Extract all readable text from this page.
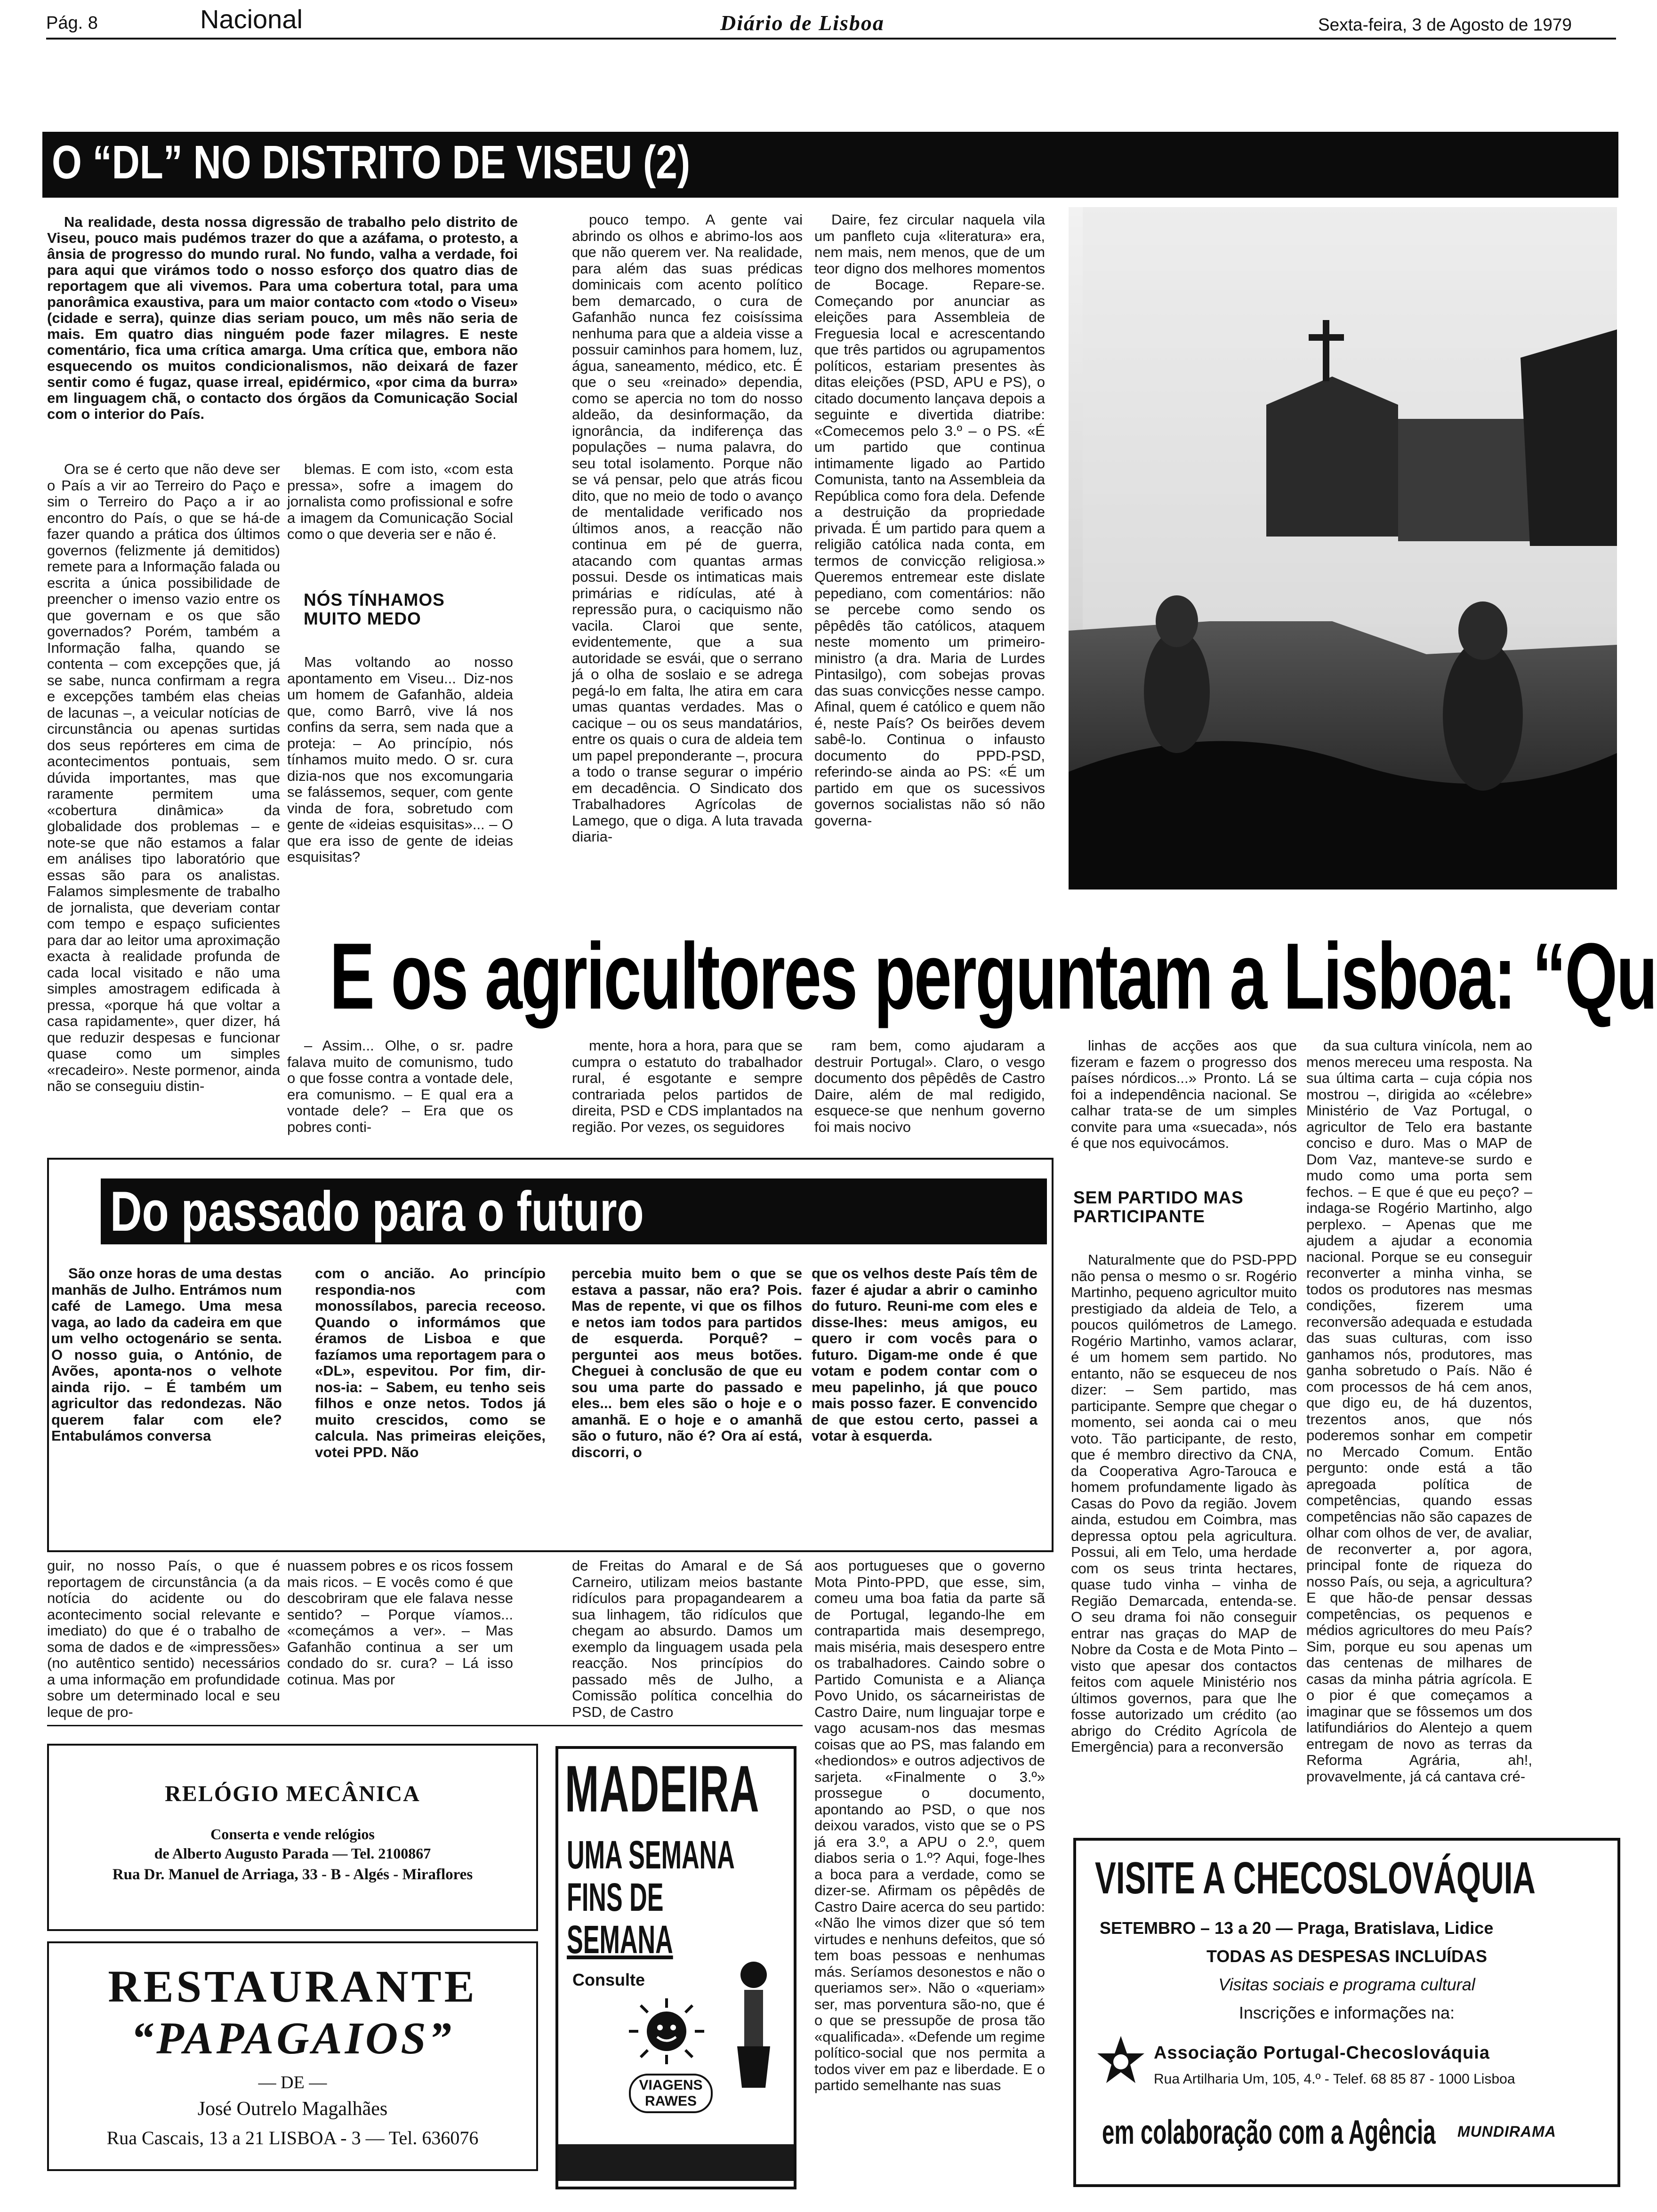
Pág. 8	Nacional	Diário de Lisboa	Sexta-feira, 3 de Agosto de 1979
O “DL” NO DISTRITO DE VISEU (2)

Na realidade, desta nossa digressão de trabalho pelo distrito de Viseu, pouco mais pudémos trazer do que a azáfama, o protesto, a ânsia de progresso do mundo rural. No fundo, valha a verdade, foi para aqui que virámos todo o nosso esforço dos quatro dias de reportagem que ali vivemos. Para uma cobertura total, para uma panorâmica exaustiva, para um maior contacto com «todo o Viseu» (cidade e serra), quinze dias seriam pouco, um mês não seria de mais. Em quatro dias ninguém pode fazer milagres. E neste comentário, fica uma crítica amarga. Uma crítica que, embora não esquecendo os muitos condicionalismos, não deixará de fazer sentir como é fugaz, quase irreal, epidérmico, «por cima da burra» em linguagem chã, o contacto dos órgãos da Comunicação Social com o interior do País.

Ora se é certo que não deve ser o País a vir ao Terreiro do Paço e sim o Terreiro do Paço a ir ao encontro do País, o que se há-de fazer quando a prática dos últimos governos (felizmente já demitidos) remete para a Informação falada ou escrita a única possibilidade de preencher o imenso vazio entre os que governam e os que são governados? Porém, também a Informação falha, quando se contenta – com excepções que, já se sabe, nunca confirmam a regra e excepções também elas cheias de lacunas –, a veicular notícias de circunstância ou apenas surtidas dos seus repórteres em cima de acontecimentos pontuais, sem dúvida importantes, mas que raramente permitem uma «cobertura dinâmica» da globalidade dos problemas – e note-se que não estamos a falar em análises tipo laboratório que essas são para os analistas. Falamos simplesmente de trabalho de jornalista, que deveriam contar com tempo e espaço suficientes para dar ao leitor uma aproximação exacta à realidade profunda de cada local visitado e não uma simples amostragem edificada à pressa, «porque há que voltar a casa rapidamente», quer dizer, há que reduzir despesas e funcionar quase como um simples «recadeiro». Neste pormenor, ainda não se conseguiu distin-

blemas. E com isto, «com esta pressa», sofre a imagem do jornalista como profissional e sofre a imagem da Comunicação Social como o que deveria ser e não é.

NÓS TÍNHAMOS MUITO MEDO

Mas voltando ao nosso apontamento em Viseu... Diz-nos um homem de Gafanhão, aldeia que, como Barrô, vive lá nos confins da serra, sem nada que a proteja: – Ao princípio, nós tínhamos muito medo. O sr. cura dizia-nos que nos excomungaria se falássemos, sequer, com gente vinda de fora, sobretudo com gente de «ideias esquisitas»... – O que era isso de gente de ideias esquisitas?

pouco tempo. A gente vai abrindo os olhos e abrimo-los aos que não querem ver. Na realidade, para além das suas prédicas dominicais com acento político bem demarcado, o cura de Gafanhão nunca fez coisíssima nenhuma para que a aldeia visse a possuir caminhos para homem, luz, água, saneamento, médico, etc. É que o seu «reinado» dependia, como se apercia no tom do nosso aldeão, da desinformação, da ignorância, da indiferença das populações – numa palavra, do seu total isolamento. Porque não se vá pensar, pelo que atrás ficou dito, que no meio de todo o avanço de mentalidade verificado nos últimos anos, a reacção não continua em pé de guerra, atacando com quantas armas possui. Desde os intimaticas mais primárias e ridículas, até à repressão pura, o caciquismo não vacila. Claroi que sente, evidentemente, que a sua autoridade se esvái, que o serrano já o olha de soslaio e se adrega pegá-lo em falta, lhe atira em cara umas quantas verdades. Mas o cacique – ou os seus mandatários, entre os quais o cura de aldeia tem um papel preponderante –, procura a todo o transe segurar o império em decadência. O Sindicato dos Trabalhadores Agrícolas de Lamego, que o diga. A luta travada diaria-

Daire, fez circular naquela vila um panfleto cuja «literatura» era, nem mais, nem menos, que de um teor digno dos melhores momentos de Bocage. Repare-se. Começando por anunciar as eleições para Assembleia de Freguesia local e acrescentando que três partidos ou agrupamentos políticos, estariam presentes às ditas eleições (PSD, APU e PS), o citado documento lançava depois a seguinte e divertida diatribe: «Comecemos pelo 3.º – o PS. «É um partido que continua intimamente ligado ao Partido Comunista, tanto na Assembleia da República como fora dela. Defende a destruição da propriedade privada. É um partido para quem a religião católica nada conta, em termos de convicção religiosa.» Queremos entremear este dislate pepediano, com comentários: não se percebe como sendo os pêpêdês tão católicos, ataquem neste momento um primeiro-ministro (a dra. Maria de Lurdes Pintasilgo), com sobejas provas das suas convicções nesse campo. Afinal, quem é católico e quem não é, neste País? Os beirões devem sabê-lo. Continua o infausto documento do PPD-PSD, referindo-se ainda ao PS: «É um partido em que os sucessivos governos socialistas não só não governa-

E os agricultores perguntam a Lisboa: “Qu

– Assim... Olhe, o sr. padre falava muito de comunismo, tudo o que fosse contra a vontade dele, era comunismo. – E qual era a vontade dele? – Era que os pobres conti-

mente, hora a hora, para que se cumpra o estatuto do trabalhador rural, é esgotante e sempre contrariada pelos partidos de direita, PSD e CDS implantados na região. Por vezes, os seguidores

ram bem, como ajudaram a destruir Portugal». Claro, o vesgo documento dos pêpêdês de Castro Daire, além de mal redigido, esquece-se que nenhum governo foi mais nocivo

linhas de acções aos que fizeram e fazem o progresso dos países nórdicos...» Pronto. Lá se foi a independência nacional. Se calhar trata-se de um simples convite para uma «suecada», nós é que nos equivocámos.

SEM PARTIDO MAS PARTICIPANTE

Naturalmente que do PSD-PPD não pensa o mesmo o sr. Rogério Martinho, pequeno agricultor muito prestigiado da aldeia de Telo, a poucos quilómetros de Lamego. Rogério Martinho, vamos aclarar, é um homem sem partido. No entanto, não se esqueceu de nos dizer: – Sem partido, mas participante. Sempre que chegar o momento, sei aonda cai o meu voto. Tão participante, de resto, que é membro directivo da CNA, da Cooperativa Agro-Tarouca e homem profundamente ligado às Casas do Povo da região. Jovem ainda, estudou em Coimbra, mas depressa optou pela agricultura. Possui, ali em Telo, uma herdade com os seus trinta hectares, quase tudo vinha – vinha de Região Demarcada, entenda-se. O seu drama foi não conseguir entrar nas graças do MAP de Nobre da Costa e de Mota Pinto – visto que apesar dos contactos feitos com aquele Ministério nos últimos governos, para que lhe fosse autorizado um crédito (ao abrigo do Crédito Agrícola de Emergência) para a reconversão

da sua cultura vinícola, nem ao menos mereceu uma resposta. Na sua última carta – cuja cópia nos mostrou –, dirigida ao «célebre» Ministério de Vaz Portugal, o agricultor de Telo era bastante conciso e duro. Mas o MAP de Dom Vaz, manteve-se surdo e mudo como uma porta sem fechos. – E que é que eu peço? – indaga-se Rogério Martinho, algo perplexo. – Apenas que me ajudem a ajudar a economia nacional. Porque se eu conseguir reconverter a minha vinha, se todos os produtores nas mesmas condições, fizerem uma reconversão adequada e estudada das suas culturas, com isso ganhamos nós, produtores, mas ganha sobretudo o País. Não é com processos de há cem anos, que digo eu, de há duzentos, trezentos anos, que nós poderemos sonhar em competir no Mercado Comum. Então pergunto: onde está a tão apregoada política de competências, quando essas competências não são capazes de olhar com olhos de ver, de avaliar, de reconverter a, por agora, principal fonte de riqueza do nosso País, ou seja, a agricultura? E que hão-de pensar dessas competências, os pequenos e médios agricultores do meu País? Sim, porque eu sou apenas um das centenas de milhares de casas da minha pátria agrícola. E o pior é que começamos a imaginar que se fôssemos um dos latifundiários do Alentejo a quem entregam de novo as terras da Reforma Agrária, ah!, provavelmente, já cá cantava cré-

Do passado para o futuro

São onze horas de uma destas manhãs de Julho. Entrámos num café de Lamego. Uma mesa vaga, ao lado da cadeira em que um velho octogenário se senta. O nosso guia, o António, de Avões, aponta-nos o velhote ainda rijo. – É também um agricultor das redondezas. Não querem falar com ele? Entabulámos conversa

com o ancião. Ao princípio respondia-nos com monossílabos, parecia receoso. Quando o informámos que éramos de Lisboa e que fazíamos uma reportagem para o «DL», espevitou. Por fim, dir-nos-ia: – Sabem, eu tenho seis filhos e onze netos. Todos já muito crescidos, como se calcula. Nas primeiras eleições, votei PPD. Não

percebia muito bem o que se estava a passar, não era? Pois. Mas de repente, vi que os filhos e netos iam todos para partidos de esquerda. Porquê? – perguntei aos meus botões. Cheguei à conclusão de que eu sou uma parte do passado e eles... bem eles são o hoje e o amanhã. E o hoje e o amanhã são o futuro, não é? Ora aí está, discorri, o

que os velhos deste País têm de fazer é ajudar a abrir o caminho do futuro. Reuni-me com eles e disse-lhes: meus amigos, eu quero ir com vocês para o futuro. Digam-me onde é que votam e podem contar com o meu papelinho, já que pouco mais posso fazer. E convencido de que estou certo, passei a votar à esquerda.

guir, no nosso País, o que é reportagem de circunstância (a da notícia do acidente ou do acontecimento social relevante e imediato) do que é o trabalho de soma de dados e de «impressões» (no autêntico sentido) necessários a uma informação em profundidade sobre um determinado local e seu leque de pro-

nuassem pobres e os ricos fossem mais ricos. – E vocês como é que descobriram que ele falava nesse sentido? – Porque víamos... «começámos a ver». – Mas Gafanhão continua a ser um condado do sr. cura? – Lá isso cotinua. Mas por

de Freitas do Amaral e de Sá Carneiro, utilizam meios bastante ridículos para propagandearem a sua linhagem, tão ridículos que chegam ao absurdo. Damos um exemplo da linguagem usada pela reacção. Nos princípios do passado mês de Julho, a Comissão política concelhia do PSD, de Castro

aos portugueses que o governo Mota Pinto-PPD, que esse, sim, comeu uma boa fatia da parte sã de Portugal, legando-lhe em contrapartida mais desemprego, mais miséria, mais desespero entre os trabalhadores. Caindo sobre o Partido Comunista e a Aliança Povo Unido, os sácarneiristas de Castro Daire, num linguajar torpe e vago acusam-nos das mesmas coisas que ao PS, mas falando em «hediondos» e outros adjectivos de sarjeta. «Finalmente o 3.º» prossegue o documento, apontando ao PSD, o que nos deixou varados, visto que se o PS já era 3.º, a APU o 2.º, quem diabos seria o 1.º? Aqui, foge-lhes a boca para a verdade, como se dizer-se. Afirmam os pêpêdês de Castro Daire acerca do seu partido: «Não lhe vimos dizer que só tem virtudes e nenhuns defeitos, que só tem boas pessoas e nenhumas más. Seríamos desonestos e não o queriamos ser». Não o «queriam» ser, mas porventura são-no, que é o que se pressupõe de prosa tão «qualificada». «Defende um regime político-social que nos permita a todos viver em paz e liberdade. E o partido semelhante nas suas

RELÓGIO MECÂNICA
Conserta e vende relógios
de Alberto Augusto Parada — Tel. 2100867
Rua Dr. Manuel de Arriaga, 33 - B - Algés - Miraflores
RESTAURANTE
“PAPAGAIOS”
— DE —
José Outrelo Magalhães
Rua Cascais, 13 a 21 LISBOA - 3 — Tel. 636076
MADEIRA
UMA SEMANA
FINS DE
SEMANA
Consulte
VIAGENS
RAWES
VISITE A CHECOSLOVÁQUIA
SETEMBRO – 13 a 20 — Praga, Bratislava, Lidice
TODAS AS DESPESAS INCLUÍDAS
Visitas sociais e programa cultural
Inscrições e informações na:
Associação Portugal-Checoslováquia
Rua Artilharia Um, 105, 4.º - Telef. 68 85 87 - 1000 Lisboa
em colaboração com a Agência MUNDIRAMA
